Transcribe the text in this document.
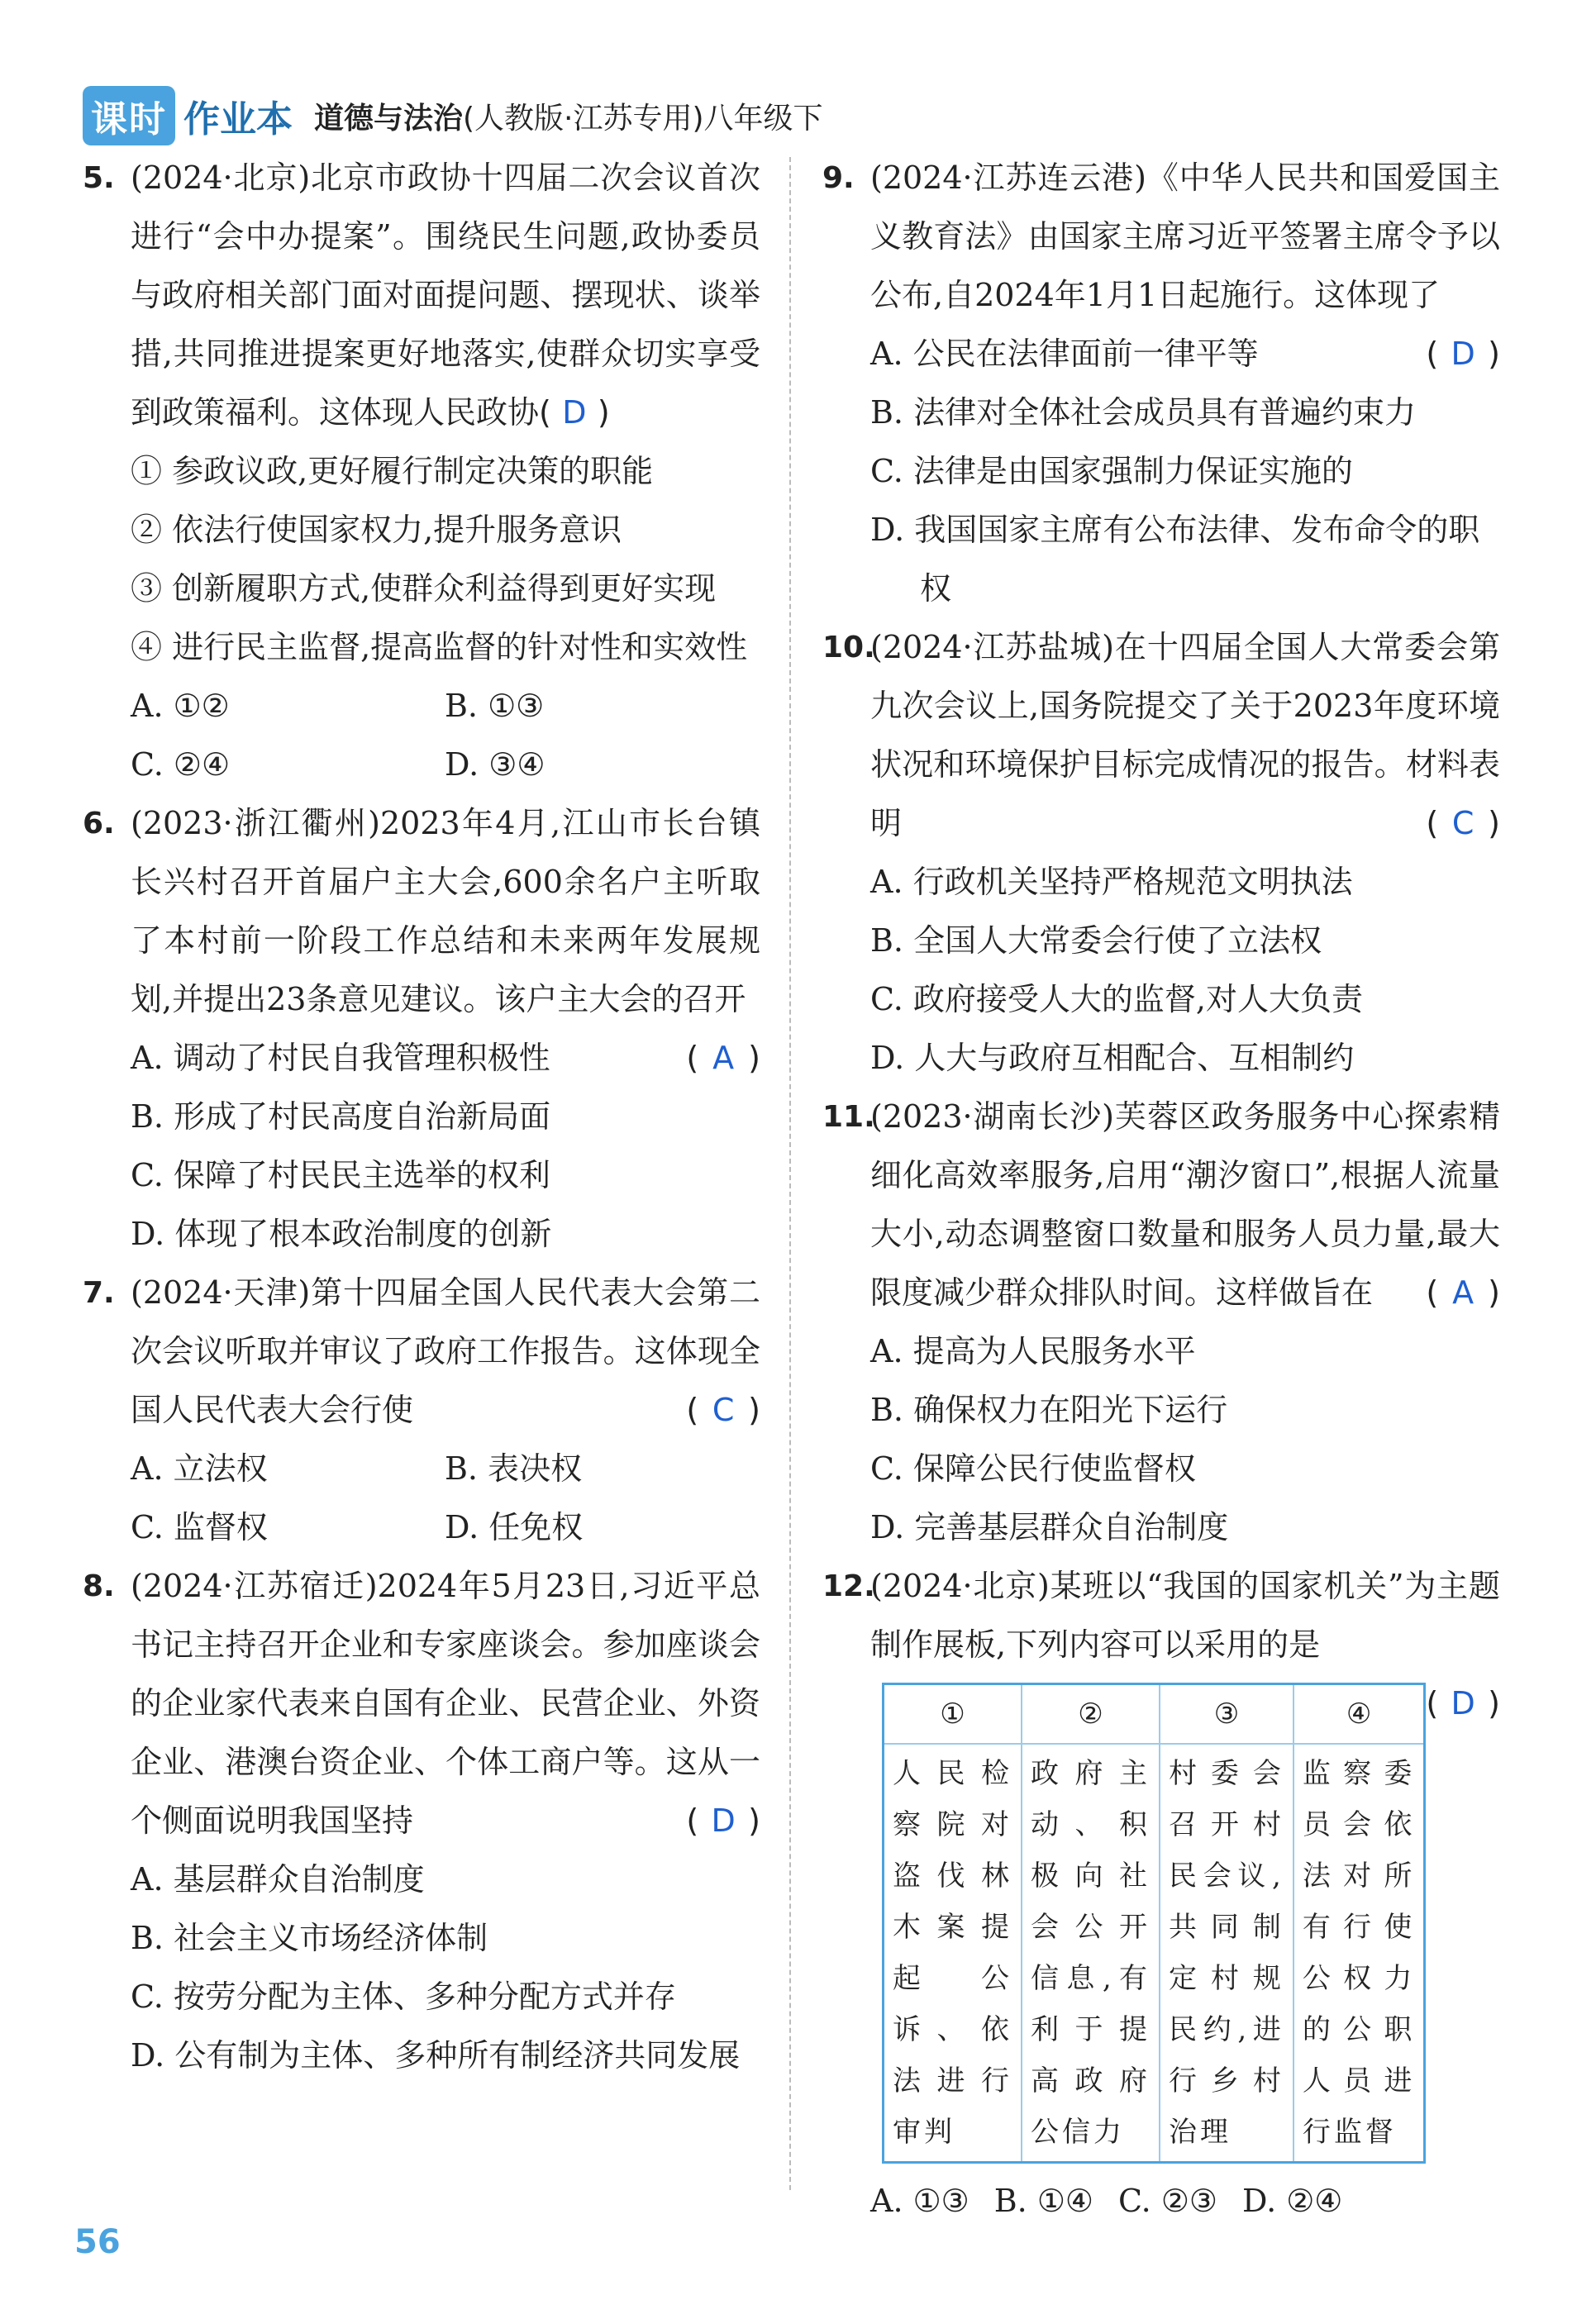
课时 作业本 道德与法治(人教版·江苏专用)八年级下
5. (2024·北京)北京市政协十四届二次会议首次进行“会中办提案”。围绕民生问题,政协委员与政府相关部门面对面提问题、摆现状、谈举措,共同推进提案更好地落实,使群众切实享受到政策福利。这体现人民政协( D )
① 参政议政,更好履行制定决策的职能
② 依法行使国家权力,提升服务意识
③ 创新履职方式,使群众利益得到更好实现
④ 进行民主监督,提高监督的针对性和实效性
A. ①②	B. ①③
C. ②④	D. ③④
6. (2023·浙江衢州)2023年4月,江山市长台镇长兴村召开首届户主大会,600余名户主听取了本村前一阶段工作总结和未来两年发展规划,并提出23条意见建议。该户主大会的召开
( A )
A. 调动了村民自我管理积极性
B. 形成了村民高度自治新局面
C. 保障了村民民主选举的权利
D. 体现了根本政治制度的创新
7. (2024·天津)第十四届全国人民代表大会第二次会议听取并审议了政府工作报告。这体现全国人民代表大会行使	( C )
A. 立法权	B. 表决权
C. 监督权	D. 任免权
8. (2024·江苏宿迁)2024年5月23日,习近平总书记主持召开企业和专家座谈会。参加座谈会的企业家代表来自国有企业、民营企业、外资企业、港澳台资企业、个体工商户等。这从一个侧面说明我国坚持	( D )
A. 基层群众自治制度
B. 社会主义市场经济体制
C. 按劳分配为主体、多种分配方式并存
D. 公有制为主体、多种所有制经济共同发展
9. (2024·江苏连云港)《中华人民共和国爱国主义教育法》由国家主席习近平签署主席令予以公布,自2024年1月1日起施行。这体现了
( D )
A. 公民在法律面前一律平等
B. 法律对全体社会成员具有普遍约束力
C. 法律是由国家强制力保证实施的
D. 我国国家主席有公布法律、发布命令的职权
10.
(2024·江苏盐城)在十四届全国人大常委会第九次会议上,国务院提交了关于2023年度环境状况和环境保护目标完成情况的报告。材料表明	( C )
A. 行政机关坚持严格规范文明执法
B. 全国人大常委会行使了立法权
C. 政府接受人大的监督,对人大负责
D. 人大与政府互相配合、互相制约
11.
(2023·湖南长沙)芙蓉区政务服务中心探索精细化高效率服务,启用“潮汐窗口”,根据人流量大小,动态调整窗口数量和服务人员力量,最大限度减少群众排队时间。这样做旨在 ( A )
A. 提高为人民服务水平
B. 确保权力在阳光下运行
C. 保障公民行使监督权
D. 完善基层群众自治制度
12.
(2024·北京)某班以“我国的国家机关”为主题制作展板,下列内容可以采用的是

( D )
①	②	③	④
人民检察院对盗伐林木案提起公诉、依法进行审判	政府主动、积极向社会公开信息,有利于提高政府公信力	村委会召开村民会议,共同制定村规民约,进行乡村治理	监察委员会依法对所有行使公权力的公职人员进行监督
A. ①③ B. ①④ C. ②③ D. ②④
56
